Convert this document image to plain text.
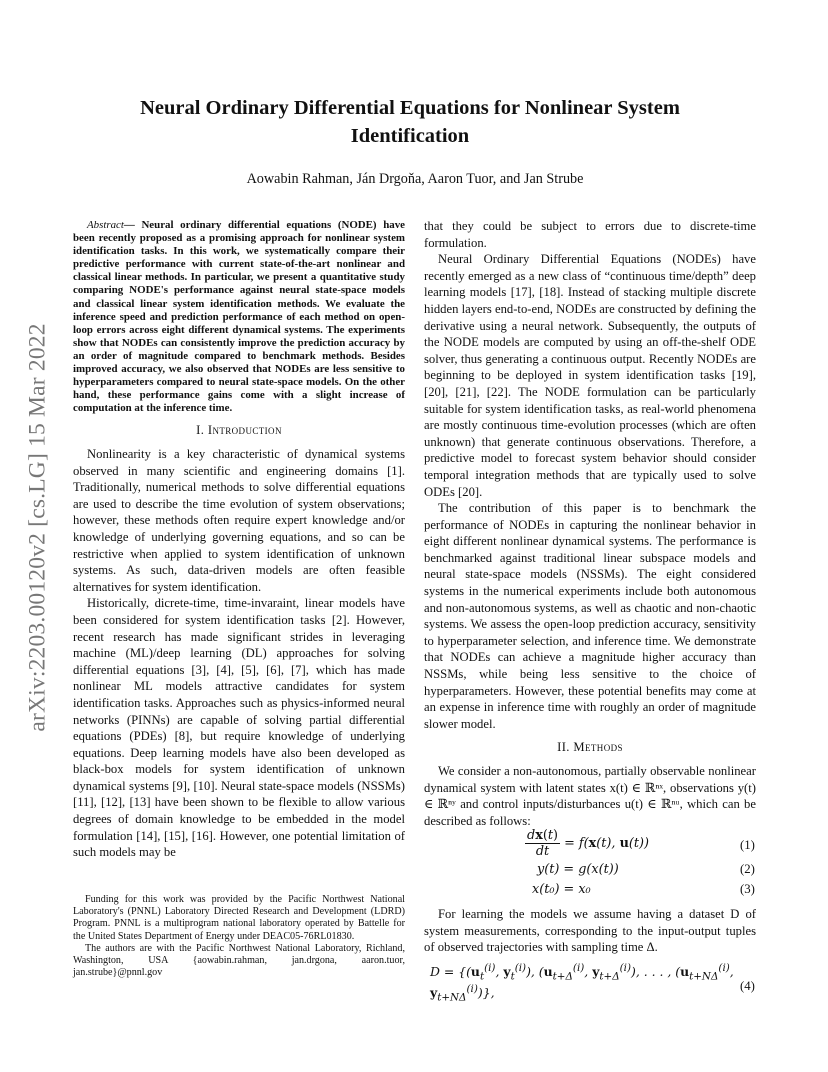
Neural Ordinary Differential Equations for Nonlinear System Identification
Aowabin Rahman, Ján Drgoňa, Aaron Tuor, and Jan Strube
arXiv:2203.00120v2 [cs.LG] 15 Mar 2022

Abstract— Neural ordinary differential equations (NODE) have been recently proposed as a promising approach for nonlinear system identification tasks. In this work, we systematically compare their predictive performance with current state-of-the-art nonlinear and classical linear methods. In particular, we present a quantitative study comparing NODE's performance against neural state-space models and classical linear system identification methods. We evaluate the inference speed and prediction performance of each method on open-loop errors across eight different dynamical systems. The experiments show that NODEs can consistently improve the prediction accuracy by an order of magnitude compared to benchmark methods. Besides improved accuracy, we also observed that NODEs are less sensitive to hyperparameters compared to neural state-space models. On the other hand, these performance gains come with a slight increase of computation at the inference time.

I. Introduction

Nonlinearity is a key characteristic of dynamical systems observed in many scientific and engineering domains [1]. Traditionally, numerical methods to solve differential equations are used to describe the time evolution of system observations; however, these methods often require expert knowledge and/or knowledge of underlying governing equations, and so can be restrictive when applied to system identification of unknown systems. As such, data-driven models are often feasible alternatives for system identification.

Historically, dicrete-time, time-invaraint, linear models have been considered for system identification tasks [2]. However, recent research has made significant strides in leveraging machine (ML)/deep learning (DL) approaches for solving differential equations [3], [4], [5], [6], [7], which has made nonlinear ML models attractive candidates for system identification tasks. Approaches such as physics-informed neural networks (PINNs) are capable of solving partial differential equations (PDEs) [8], but require knowledge of underlying equations. Deep learning models have also been developed as black-box models for system identification of unknown dynamical systems [9], [10]. Neural state-space models (NSSMs) [11], [12], [13] have been shown to be flexible to allow various degrees of domain knowledge to be embedded in the model formulation [14], [15], [16]. However, one potential limitation of such models may be

Funding for this work was provided by the Pacific Northwest National Laboratory's (PNNL) Laboratory Directed Research and Development (LDRD) Program. PNNL is a multiprogram national laboratory operated by Battelle for the United States Department of Energy under DEAC05-76RL01830.

The authors are with the Pacific Northwest National Laboratory, Richland, Washington, USA {aowabin.rahman, jan.drgona, aaron.tuor, jan.strube}@pnnl.gov

that they could be subject to errors due to discrete-time formulation.

Neural Ordinary Differential Equations (NODEs) have recently emerged as a new class of “continuous time/depth” deep learning models [17], [18]. Instead of stacking multiple discrete hidden layers end-to-end, NODEs are constructed by defining the derivative using a neural network. Subsequently, the outputs of the NODE models are computed by using an off-the-shelf ODE solver, thus generating a continuous output. Recently NODEs are beginning to be deployed in system identification tasks [19], [20], [21], [22]. The NODE formulation can be particularly suitable for system identification tasks, as real-world phenomena are mostly continuous time-evolution processes (which are often unknown) that generate continuous observations. Therefore, a predictive model to forecast system behavior should consider temporal integration methods that are typically used to solve ODEs [20].

The contribution of this paper is to benchmark the performance of NODEs in capturing the nonlinear behavior in eight different nonlinear dynamical systems. The performance is benchmarked against traditional linear subspace models and neural state-space models (NSSMs). The eight considered systems in the numerical experiments include both autonomous and non-autonomous systems, as well as chaotic and non-chaotic systems. We assess the open-loop prediction accuracy, sensitivity to hyperparameter selection, and inference time. We demonstrate that NODEs can achieve a magnitude higher accuracy than NSSMs, while being less sensitive to the choice of hyperparameters. However, these potential benefits may come at an expense in inference time with roughly an order of magnitude slower model.

II. Methods

We consider a non-autonomous, partially observable nonlinear dynamical system with latent states x(t) ∈ ℝⁿˣ, observations y(t) ∈ ℝⁿʸ and control inputs/disturbances u(t) ∈ ℝⁿᵘ, which can be described as follows:

$\frac{dx(t)}{dt} = f(x(t)$, u(t))	(1)
y(t) = g(x(t))	(2)
x(t₀) = x₀	(3)
For learning the models we assume having a dataset D of system measurements, corresponding to the input-output tuples of observed trajectories with sampling time Δ.
$D = \{(u_t^{(i)}$, $y_t^{(i)}$), ($u_{t+\Delta}^{(i)}$, $y_{t+\Delta}^{(i)}$), . . . , ($u_{t+N\Delta}^{(i)}$, $y_{t+N\Delta}^{(i)}$)},	(4)
